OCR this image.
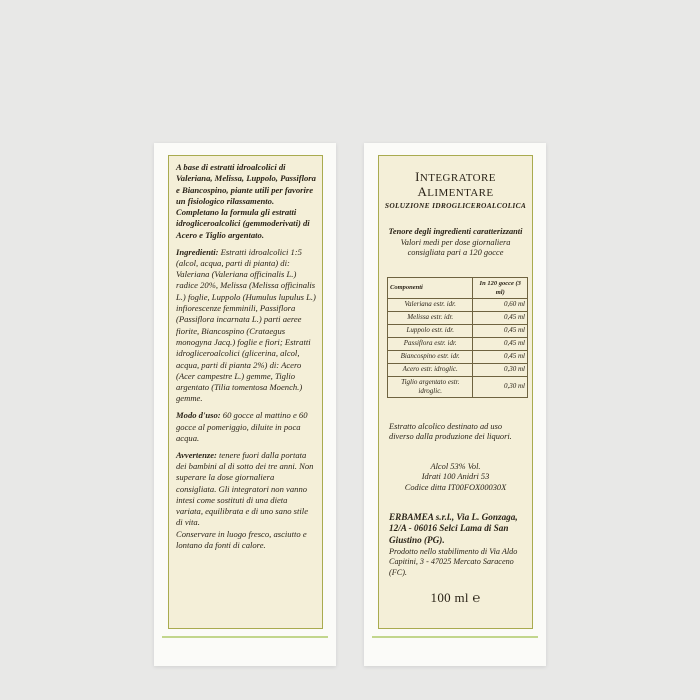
A base di estratti idroalcolici di Valeriana, Melissa, Luppolo, Passiflora e Biancospino, piante utili per favorire un fisiologico rilassamento. Completano la formula gli estratti idrogliceroalcolici (gemmoderivati) di Acero e Tiglio argentato.

Ingredienti: Estratti idroalcolici 1:5 (alcol, acqua, parti di pianta) di: Valeriana (Valeriana officinalis L.) radice 20%, Melissa (Melissa officinalis L.) foglie, Luppolo (Humulus lupulus L.) infiorescenze femminili, Passiflora (Passiflora incarnata L.) parti aeree fiorite, Biancospino (Crataegus monogyna Jacq.) foglie e fiori; Estratti idrogliceroalcolici (glicerina, alcol, acqua, parti di pianta 2%) di: Acero (Acer campestre L.) gemme, Tiglio argentato (Tilia tomentosa Moench.) gemme.

Modo d'uso: 60 gocce al mattino e 60 gocce al pomeriggio, diluite in poca acqua.

Avvertenze: tenere fuori dalla portata dei bambini al di sotto dei tre anni. Non superare la dose giornaliera consigliata. Gli integratori non vanno intesi come sostituti di una dieta variata, equilibrata e di uno sano stile di vita.

Conservare in luogo fresco, asciutto e lontano da fonti di calore.

INTEGRATORE ALIMENTARE

SOLUZIONE IDROGLICEROALCOLICA

Tenore degli ingredienti caratterizzanti

Valori medi per dose giornaliera consigliata pari a 120 gocce

Componenti	In 120 gocce (3 ml)
Valeriana estr. idr.	0,60 ml
Melissa estr. idr.	0,45 ml
Luppolo estr. idr.	0,45 ml
Passiflora estr. idr.	0,45 ml
Biancospino estr. idr.	0,45 ml
Acero estr. idroglic.	0,30 ml
Tiglio argentato estr. idroglic.	0,30 ml

Estratto alcolico destinato ad uso diverso dalla produzione dei liquori.

Alcol 53% Vol.
Idrati 100 Anidri 53
Codice ditta IT00FOX00030X

ERBAMEA s.r.l., Via L. Gonzaga, 12/A - 06016 Selci Lama di San Giustino (PG).

Prodotto nello stabilimento di Via Aldo Capitini, 3 - 47025 Mercato Saraceno (FC).

100 ml ℮
